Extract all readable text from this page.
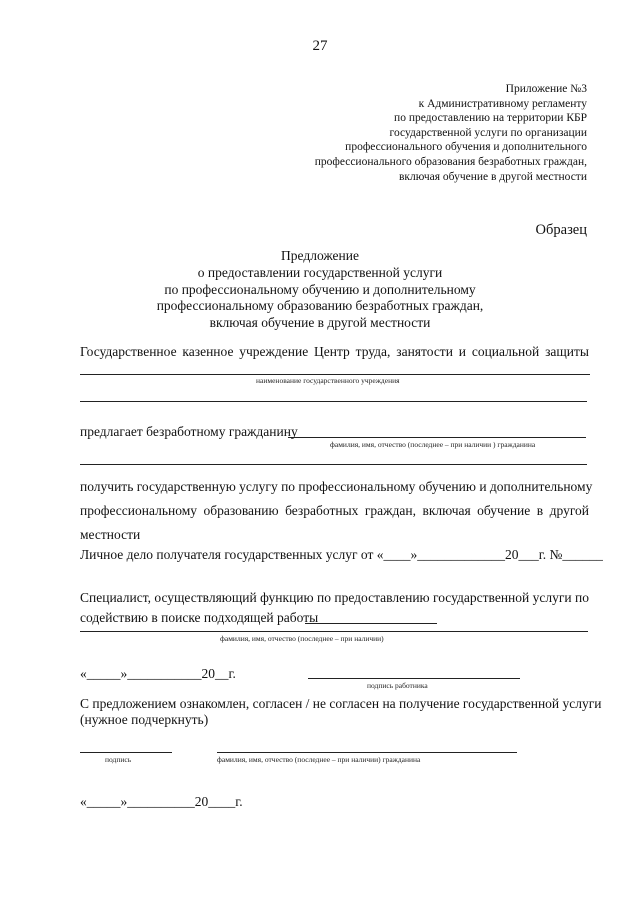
27
Приложение №3
к Административному регламенту
по предоставлению на территории КБР
государственной услуги по организации
профессионального обучения и дополнительного
профессионального образования безработных граждан,
включая обучение в другой местности
Образец
Предложение
о предоставлении государственной услуги
по профессиональному обучению и дополнительному
профессиональному образованию безработных граждан,
включая обучение в другой местности
Государственное казенное учреждение Центр труда, занятости и социальной защиты
наименование государственного учреждения
предлагает безработному гражданину
фамилия, имя, отчество (последнее – при наличии ) гражданина
получить государственную услугу по профессиональному обучению и дополнительному
профессиональному образованию безработных граждан, включая обучение в другой
местности
Личное дело получателя государственных услуг от «____»_____________20___г. №______
Специалист, осуществляющий функцию по предоставлению государственной услуги по
содействию в поиске подходящей работы
фамилия, имя, отчество (последнее – при наличии)
«_____»___________20__г.
подпись работника
С предложением ознакомлен, согласен / не согласен на получение государственной услуги
(нужное подчеркнуть)
подпись	фамилия, имя, отчество (последнее – при наличии) гражданина
«_____»__________20____г.
